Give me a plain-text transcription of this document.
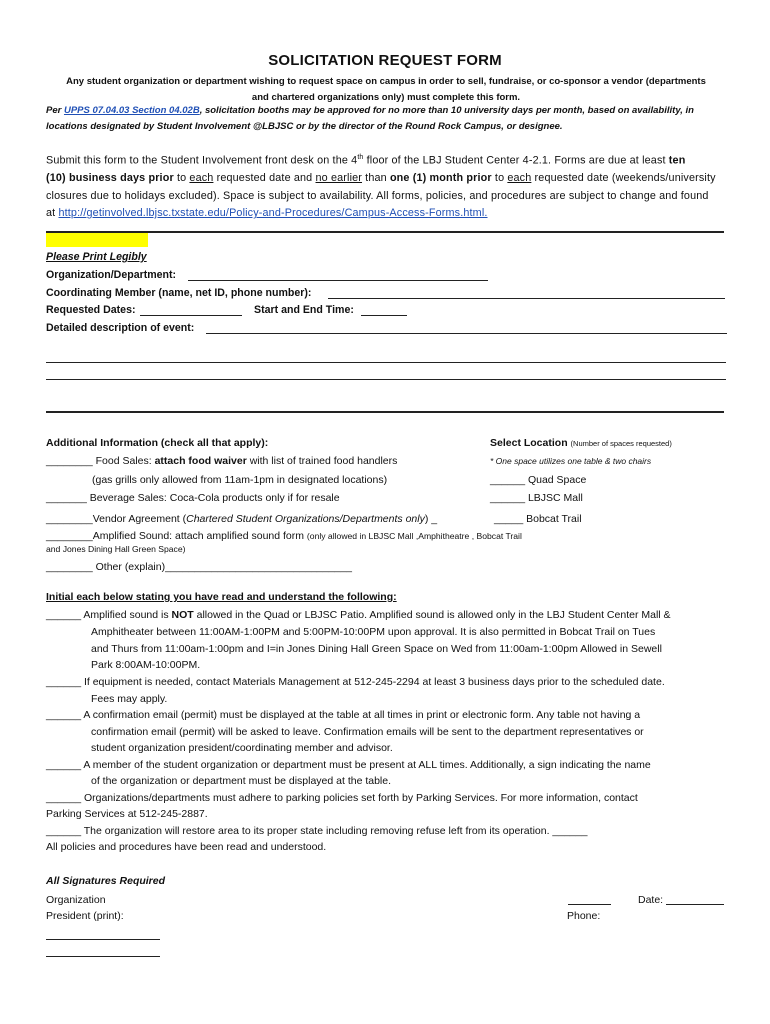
SOLICITATION REQUEST FORM
Any student organization or department wishing to request space on campus in order to sell, fundraise, or co-sponsor a vendor (departments
and chartered organizations only) must complete this form.
Per UPPS 07.04.03 Section 04.02B, solicitation booths may be approved for no more than 10 university days per month, based on availability, in
locations designated by Student Involvement @LBJSC or by the director of the Round Rock Campus, or designee.
Submit this form to the Student Involvement front desk on the 4th floor of the LBJ Student Center 4-2.1. Forms are due at least ten
(10) business days prior to each requested date and no earlier than one (1) month prior to each requested date (weekends/university
closures due to holidays excluded). Space is subject to availability. All forms, policies, and procedures are subject to change and found
at http://getinvolved.lbjsc.txstate.edu/Policy-and-Procedures/Campus-Access-Forms.html.
Please Print Legibly
Organization/Department:
Coordinating Member (name, net ID, phone number):
Requested Dates:	Start and End Time:
Detailed description of event:
Additional Information (check all that apply):
________ Food Sales: attach food waiver with list of trained food handlers
(gas grills only allowed from 11am-1pm in designated locations)
_______ Beverage Sales: Coca-Cola products only if for resale
________Vendor Agreement (Chartered Student Organizations/Departments only) _
________Amplified Sound: attach amplified sound form (only allowed in LBJSC Mall ,Amphitheatre , Bobcat Trail
and Jones Dining Hall Green Space)
________ Other (explain)________________________________
Select Location (Number of spaces requested)
* One space utilizes one table & two chairs
______ Quad Space
______ LBJSC Mall
_____ Bobcat Trail
Initial each below stating you have read and understand the following:
______ Amplified sound is NOT allowed in the Quad or LBJSC Patio. Amplified sound is allowed only in the LBJ Student Center Mall &
Amphitheater between 11:00AM-1:00PM and 5:00PM-10:00PM upon approval. It is also permitted in Bobcat Trail on Tues
and Thurs from 11:00am-1:00pm and I=in Jones Dining Hall Green Space on Wed from 11:00am-1:00pm Allowed in Sewell
Park 8:00AM-10:00PM.
______ If equipment is needed, contact Materials Management at 512-245-2294 at least 3 business days prior to the scheduled date.
Fees may apply.
______ A confirmation email (permit) must be displayed at the table at all times in print or electronic form. Any table not having a
confirmation email (permit) will be asked to leave. Confirmation emails will be sent to the department representatives or
student organization president/coordinating member and advisor.
______ A member of the student organization or department must be present at ALL times. Additionally, a sign indicating the name
of the organization or department must be displayed at the table.
______ Organizations/departments must adhere to parking policies set forth by Parking Services. For more information, contact
Parking Services at 512-245-2887.
______ The organization will restore area to its proper state including removing refuse left from its operation. ______
All policies and procedures have been read and understood.
All Signatures Required
Organization
President (print):
Date:
Phone:
